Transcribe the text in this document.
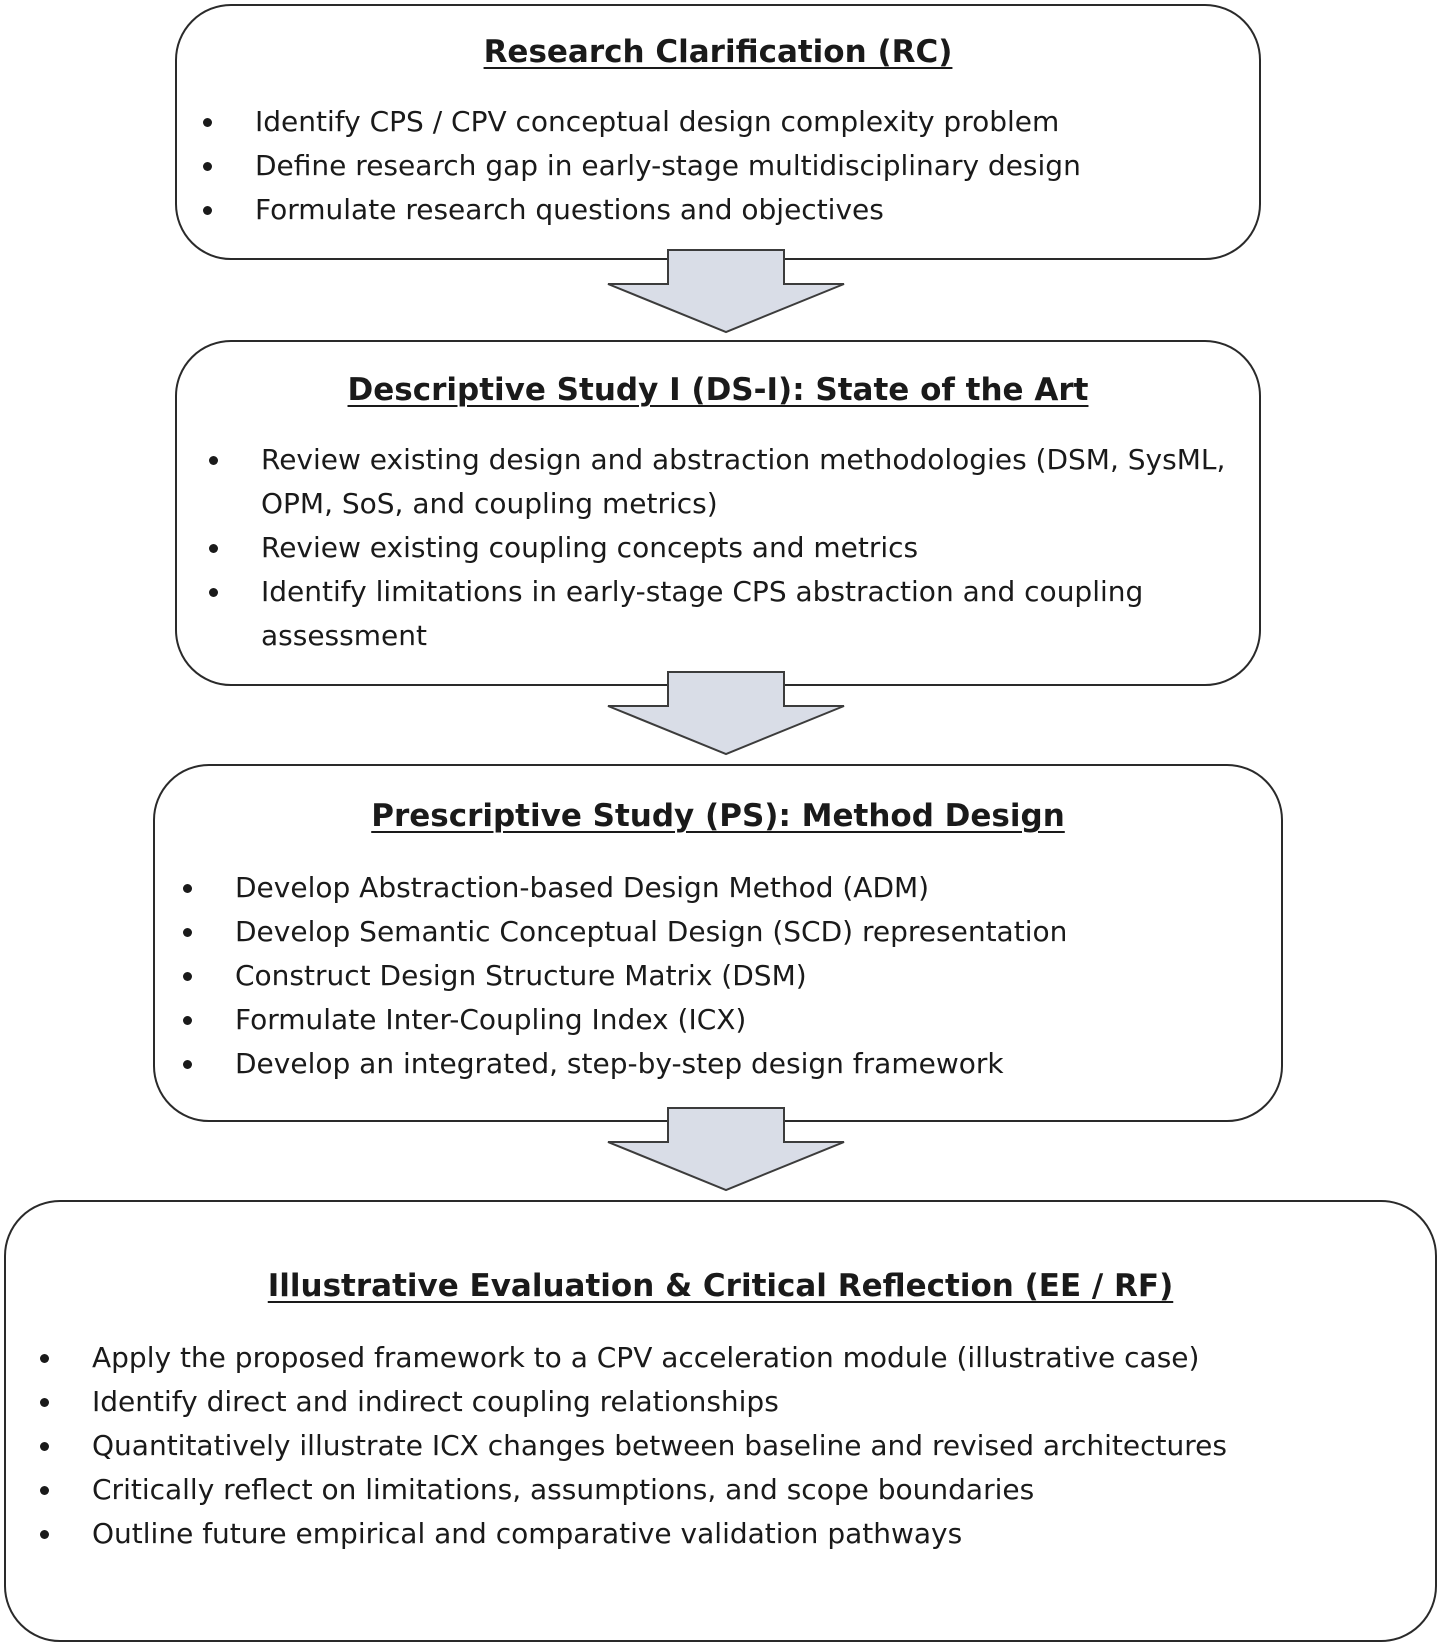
Research Clarification (RC)
Identify CPS / CPV conceptual design complexity problem
Define research gap in early-stage multidisciplinary design
Formulate research questions and objectives
Descriptive Study I (DS-I): State of the Art
Review existing design and abstraction methodologies (DSM, SysML, OPM, SoS, and coupling metrics)
Review existing coupling concepts and metrics
Identify limitations in early-stage CPS abstraction and coupling assessment
Prescriptive Study (PS): Method Design
Develop Abstraction-based Design Method (ADM)
Develop Semantic Conceptual Design (SCD) representation
Construct Design Structure Matrix (DSM)
Formulate Inter-Coupling Index (ICX)
Develop an integrated, step-by-step design framework
Illustrative Evaluation & Critical Reflection (EE / RF)
Apply the proposed framework to a CPV acceleration module (illustrative case)
Identify direct and indirect coupling relationships
Quantitatively illustrate ICX changes between baseline and revised architectures
Critically reflect on limitations, assumptions, and scope boundaries
Outline future empirical and comparative validation pathways
